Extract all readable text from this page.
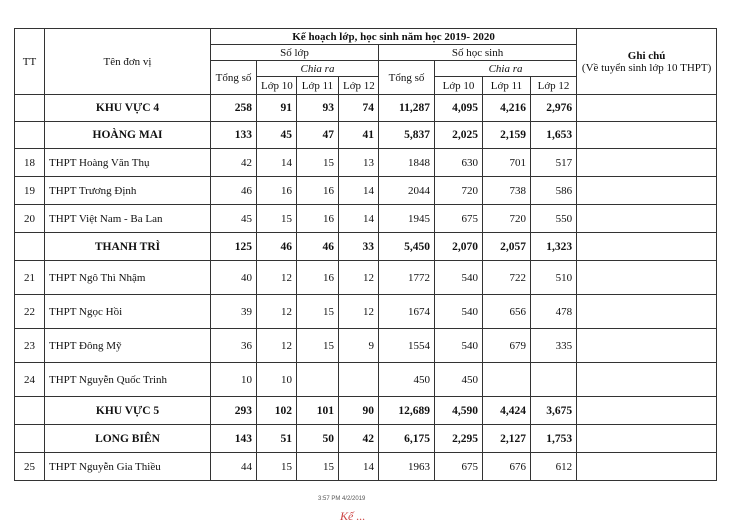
TT	Tên đơn vị	Kế hoạch lớp, học sinh năm học 2019- 2020								Ghi chú
(Về tuyển sinh lớp 10 THPT)

		Số lớp				Số học sinh				
		Tổng số	Chia ra			Tổng số	Chia ra			
			Lớp 10	Lớp 11	Lớp 12		Lớp 10	Lớp 11	Lớp 12	
	KHU VỰC 4	258	91	93	74	11,287	4,095	4,216	2,976	
	HOÀNG MAI	133	45	47	41	5,837	2,025	2,159	1,653	
18	THPT Hoàng Văn Thụ	42	14	15	13	1848	630	701	517	
19	THPT Trương Định	46	16	16	14	2044	720	738	586	
20	THPT Việt Nam - Ba Lan	45	15	16	14	1945	675	720	550	
	THANH TRÌ	125	46	46	33	5,450	2,070	2,057	1,323	
21	THPT Ngô Thì Nhậm	40	12	16	12	1772	540	722	510	
22	THPT Ngọc Hồi	39	12	15	12	1674	540	656	478	
23	THPT Đông Mỹ	36	12	15	9	1554	540	679	335	
24	THPT Nguyễn Quốc Trinh	10	10			450	450			
	KHU VỰC 5	293	102	101	90	12,689	4,590	4,424	3,675	
	LONG BIÊN	143	51	50	42	6,175	2,295	2,127	1,753	
25	THPT Nguyễn Gia Thiều	44	15	15	14	1963	675	676	612	
3:57 PM 4/2/2019
Kế ...
